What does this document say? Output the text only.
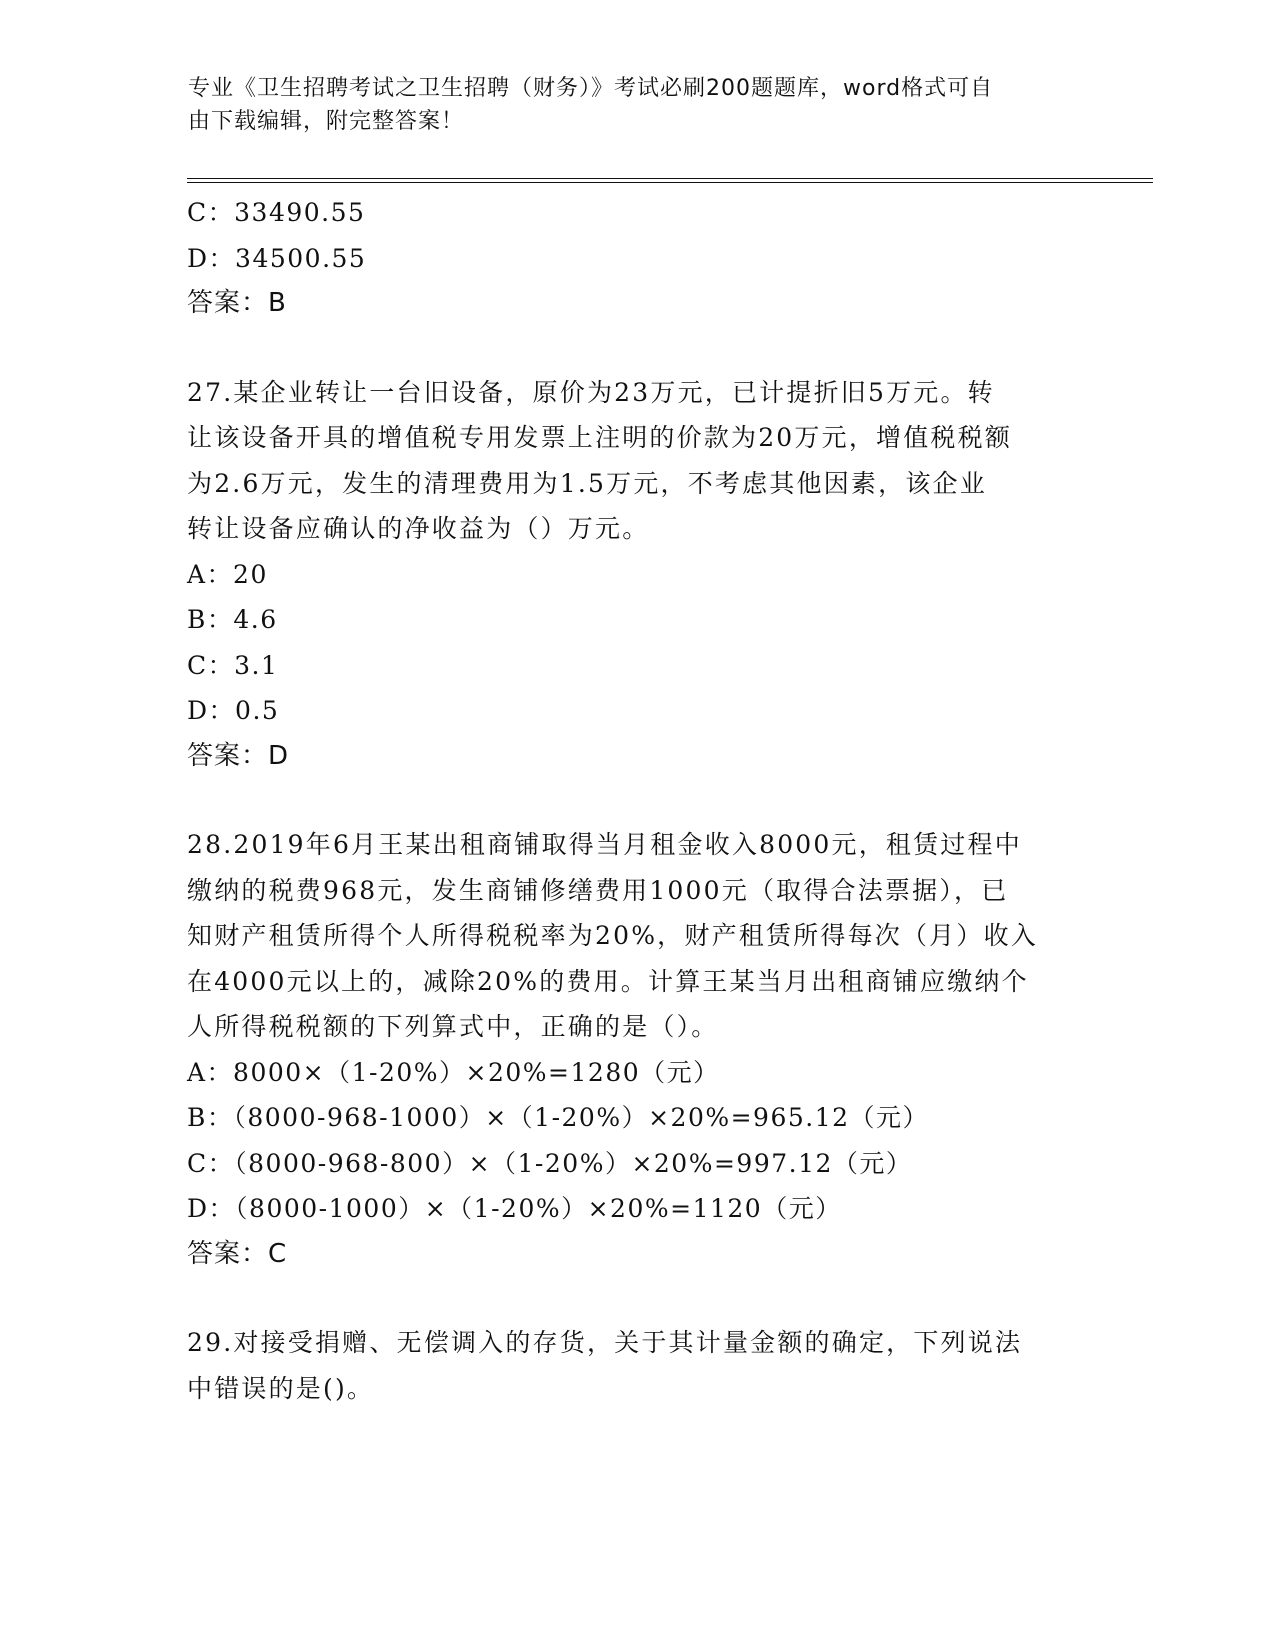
专业《卫生招聘考试之卫生招聘（财务）》考试必刷200题题库，word格式可自
由下载编辑，附完整答案！
C：33490.55
D：34500.55
答案：B
27.某企业转让一台旧设备，原价为23万元，已计提折旧5万元。转
让该设备开具的增值税专用发票上注明的价款为20万元，增值税税额
为2.6万元，发生的清理费用为1.5万元，不考虑其他因素，该企业
转让设备应确认的净收益为（）万元。
A：20
B：4.6
C：3.1
D：0.5
答案：D
28.2019年6月王某出租商铺取得当月租金收入8000元，租赁过程中
缴纳的税费968元，发生商铺修缮费用1000元（取得合法票据），已
知财产租赁所得个人所得税税率为20%，财产租赁所得每次（月）收入
在4000元以上的，减除20%的费用。计算王某当月出租商铺应缴纳个
人所得税税额的下列算式中，正确的是（）。
A：8000×（1-20%）×20%=1280（元）
B：（8000-968-1000）×（1-20%）×20%=965.12（元）
C：（8000-968-800）×（1-20%）×20%=997.12（元）
D：（8000-1000）×（1-20%）×20%=1120（元）
答案：C
29.对接受捐赠、无偿调入的存货，关于其计量金额的确定，下列说法
中错误的是()。
